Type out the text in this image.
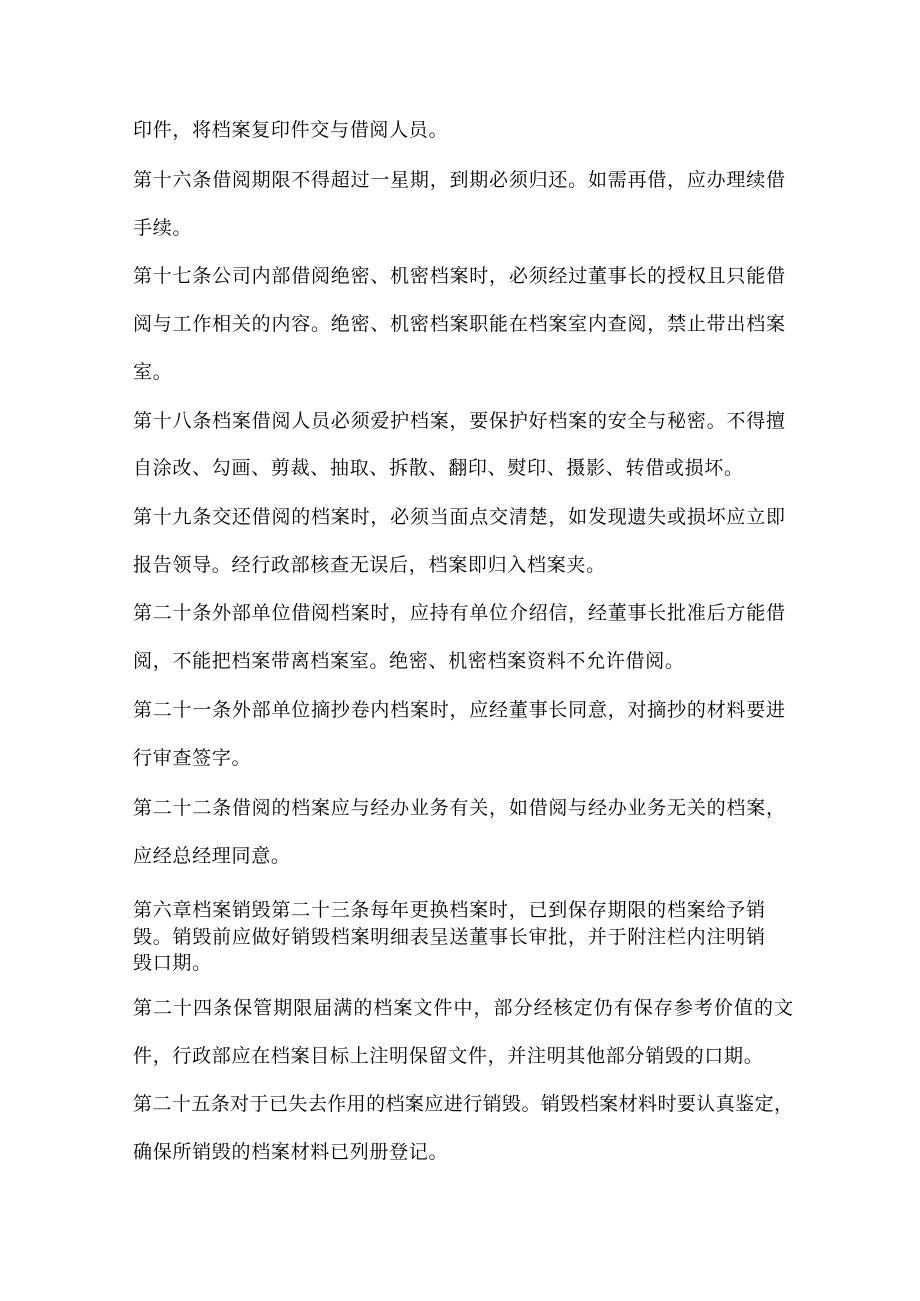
印件，将档案复印件交与借阅人员。
第十六条借阅期限不得超过一星期，到期必须归还。如需再借，应办理续借
手续。
第十七条公司内部借阅绝密、机密档案时，必须经过董事长的授权且只能借
阅与工作相关的内容。绝密、机密档案职能在档案室内查阅，禁止带出档案
室。
第十八条档案借阅人员必须爱护档案，要保护好档案的安全与秘密。不得擅
自涂改、勾画、剪裁、抽取、拆散、翻印、熨印、摄影、转借或损坏。
第十九条交还借阅的档案时，必须当面点交清楚，如发现遗失或损坏应立即
报告领导。经行政部核查无误后，档案即归入档案夹。
第二十条外部单位借阅档案时，应持有单位介绍信，经董事长批准后方能借
阅，不能把档案带离档案室。绝密、机密档案资料不允许借阅。
第二十一条外部单位摘抄卷内档案时，应经董事长同意，对摘抄的材料要进
行审查签字。
第二十二条借阅的档案应与经办业务有关，如借阅与经办业务无关的档案，
应经总经理同意。
第六章档案销毁第二十三条每年更换档案时，已到保存期限的档案给予销
毁。销毁前应做好销毁档案明细表呈送董事长审批，并于附注栏内注明销
毁口期。
第二十四条保管期限届满的档案文件中，部分经核定仍有保存参考价值的文
件，行政部应在档案目标上注明保留文件，并注明其他部分销毁的口期。
第二十五条对于已失去作用的档案应进行销毁。销毁档案材料时要认真鉴定，
确保所销毁的档案材料已列册登记。
